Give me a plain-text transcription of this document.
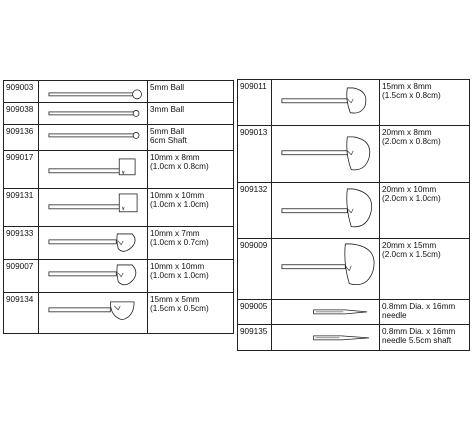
909003		5mm Ball

909038		3mm Ball

909136		5mm Ball
6cm Shaft

909017		10mm x 8mm
(1.0cm x 0.8cm)

909131		10mm x 10mm
(1.0cm x 1.0cm)

909133		10mm x 7mm
(1.0cm x 0.7cm)

909007		10mm x 10mm
(1.0cm x 1.0cm)

909134		15mm x 5mm
(1.5cm x 0.5cm)
909011		15mm x 8mm
(1.5cm x 0.8cm)

909013		20mm x 8mm
(2.0cm x 0.8cm)

909132		20mm x 10mm
(2.0cm x 1.0cm)

909009		20mm x 15mm
(2.0cm x 1.5cm)

909005		0.8mm Dia. x 16mm
needle

909135		0.8mm Dia. x 16mm
needle 5.5cm shaft
